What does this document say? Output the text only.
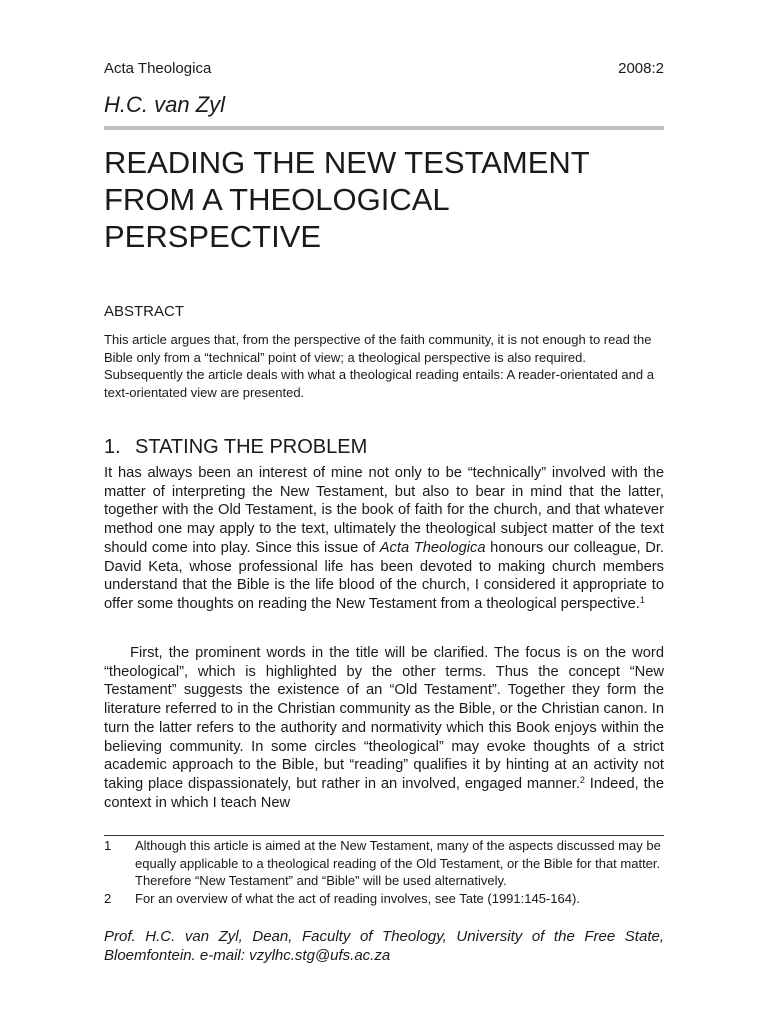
Acta Theologica	2008:2
H.C. van Zyl
READING THE NEW TESTAMENT
FROM A THEOLOGICAL
PERSPECTIVE
ABSTRACT

This article argues that, from the perspective of the faith community, it is not enough to read the Bible only from a “technical” point of view; a theological perspective is also required. Subsequently the article deals with what a theological reading entails: A reader-orientated and a text-orientated view are presented.

1. STATING THE PROBLEM

It has always been an interest of mine not only to be “technically” involved with the matter of interpreting the New Testament, but also to bear in mind that the latter, together with the Old Testament, is the book of faith for the church, and that whatever method one may apply to the text, ultimately the theological subject matter of the text should come into play. Since this issue of Acta Theologica honours our colleague, Dr. David Keta, whose professional life has been devoted to making church members understand that the Bible is the life blood of the church, I considered it appropriate to offer some thoughts on reading the New Testament from a theological perspective.$^1$

First, the prominent words in the title will be clarified. The focus is on the word “theological”, which is highlighted by the other terms. Thus the concept “New Testament” suggests the existence of an “Old Testament”. Together they form the literature referred to in the Christian community as the Bible, or the Christian canon. In turn the latter refers to the authority and normativity which this Book enjoys within the believing community. In some circles “theological” may evoke thoughts of a strict academic approach to the Bible, but “reading” qualifies it by hinting at an activity not taking place dispassionately, but rather in an involved, engaged manner.$^2$ Indeed, the context in which I teach New

1 Although this article is aimed at the New Testament, many of the aspects discussed may be equally applicable to a theological reading of the Old Testament, or the Bible for that matter. Therefore “New Testament” and “Bible” will be used alternatively.

2 For an overview of what the act of reading involves, see Tate (1991:145-164).

Prof. H.C. van Zyl, Dean, Faculty of Theology, University of the Free State, Bloemfontein. e-mail: vzylhc.stg@ufs.ac.za
